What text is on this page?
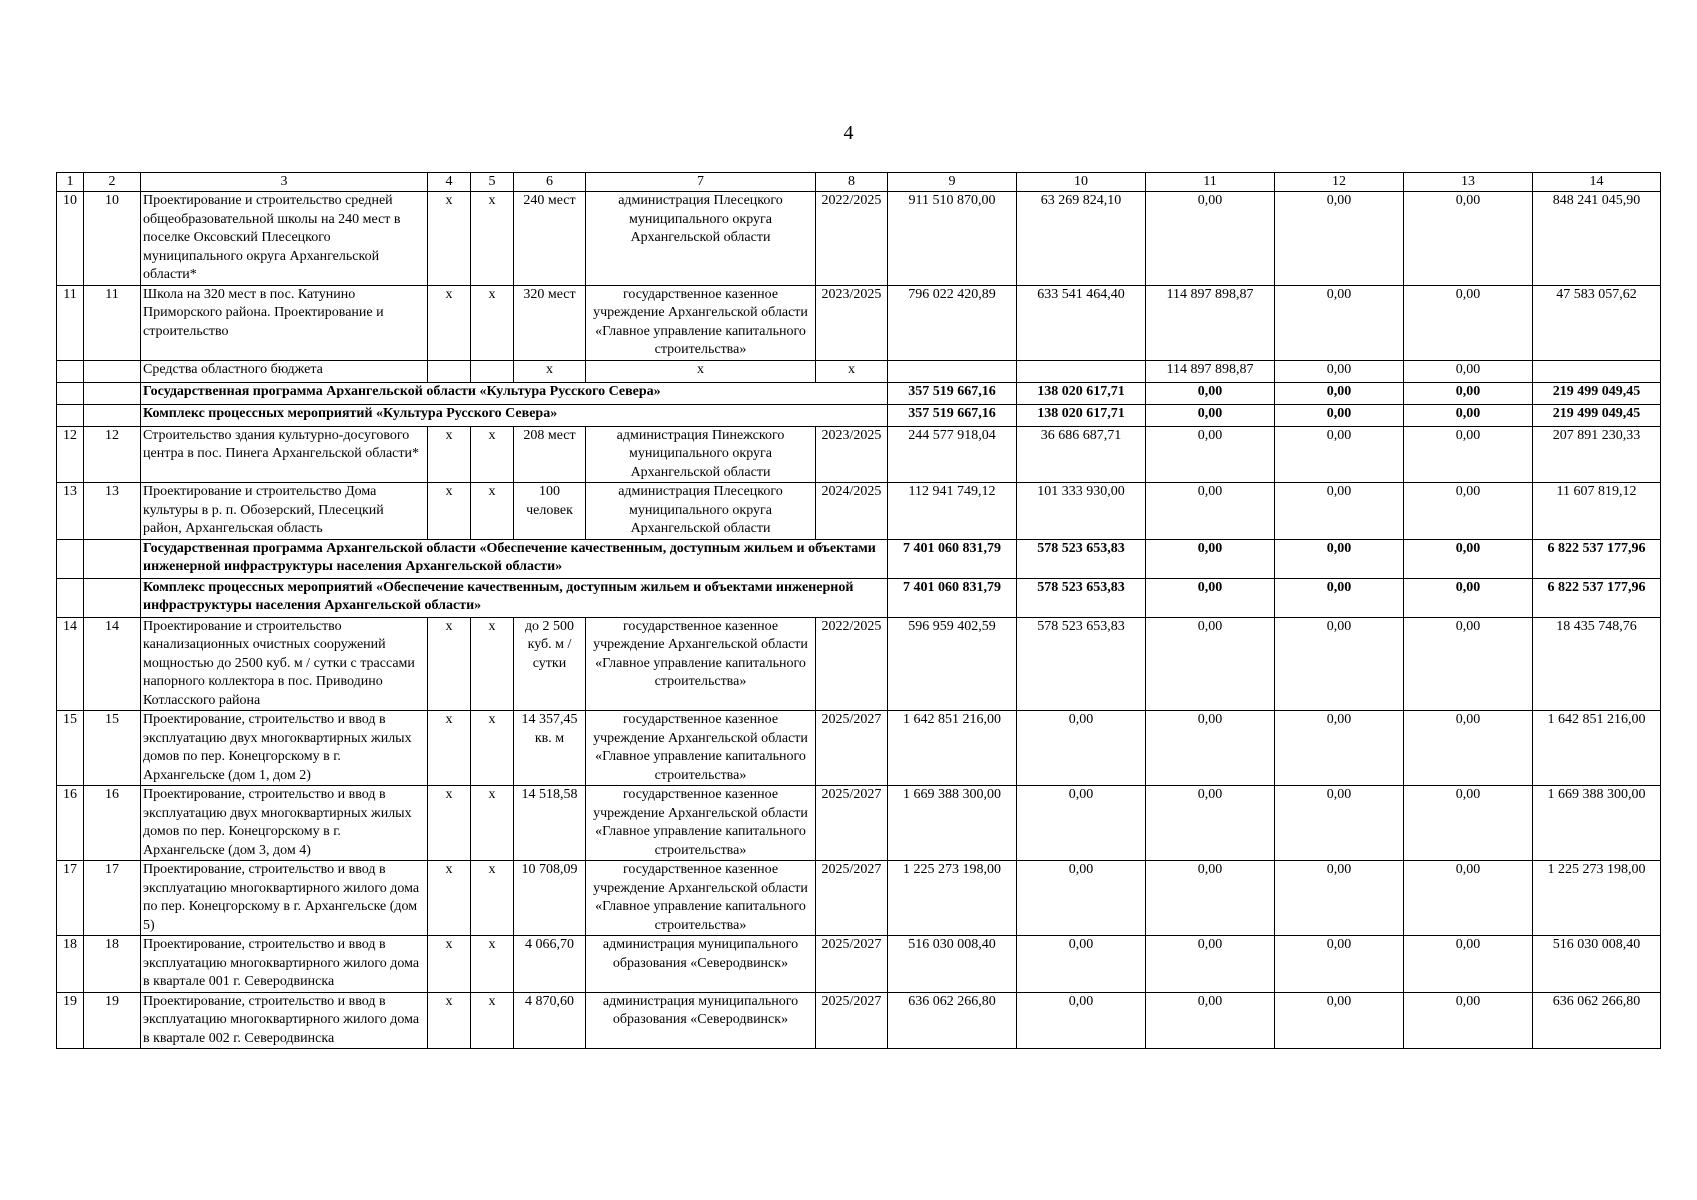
4
1	2	3	4	5	6	7	8	9	10	11	12	13	14
10	10	Проектирование и строительство средней общеобразовательной школы на 240 мест в поселке Оксовский Плесецкого муниципального округа Архангельской области*	х	х	240 мест	администрация Плесецкого муниципального округа Архангельской области	2022/2025	911 510 870,00	63 269 824,10	0,00	0,00	0,00	848 241 045,90
11	11	Школа на 320 мест в пос. Катунино Приморского района. Проектирование и строительство	х	х	320 мест	государственное казенное учреждение Архангельской области «Главное управление капитального строительства»	2023/2025	796 022 420,89	633 541 464,40	114 897 898,87	0,00	0,00	47 583 057,62
		Средства областного бюджета			х	х	х			114 897 898,87	0,00	0,00	
		Государственная программа Архангельской области «Культура Русского Севера»						357 519 667,16	138 020 617,71	0,00	0,00	0,00	219 499 049,45
		Комплекс процессных мероприятий «Культура Русского Севера»						357 519 667,16	138 020 617,71	0,00	0,00	0,00	219 499 049,45
12	12	Строительство здания культурно-досугового центра в пос. Пинега Архангельской области*	х	х	208 мест	администрация Пинежского муниципального округа Архангельской области	2023/2025	244 577 918,04	36 686 687,71	0,00	0,00	0,00	207 891 230,33
13	13	Проектирование и строительство Дома культуры в р. п. Обозерский, Плесецкий район, Архангельская область	х	х	100 человек	администрация Плесецкого муниципального округа Архангельской области	2024/2025	112 941 749,12	101 333 930,00	0,00	0,00	0,00	11 607 819,12
		Государственная программа Архангельской области «Обеспечение качественным, доступным жильем и объектами инженерной инфраструктуры населения Архангельской области»						7 401 060 831,79	578 523 653,83	0,00	0,00	0,00	6 822 537 177,96
		Комплекс процессных мероприятий «Обеспечение качественным, доступным жильем и объектами инженерной инфраструктуры населения Архангельской области»						7 401 060 831,79	578 523 653,83	0,00	0,00	0,00	6 822 537 177,96
14	14	Проектирование и строительство канализационных очистных сооружений мощностью до 2500 куб. м / сутки с трассами напорного коллектора в пос. Приводино Котласского района	х	х	до 2 500 куб. м / сутки	государственное казенное учреждение Архангельской области «Главное управление капитального строительства»	2022/2025	596 959 402,59	578 523 653,83	0,00	0,00	0,00	18 435 748,76
15	15	Проектирование, строительство и ввод в эксплуатацию двух многоквартирных жилых домов по пер. Конецгорскому в г. Архангельске (дом 1, дом 2)	х	х	14 357,45 кв. м	государственное казенное учреждение Архангельской области «Главное управление капитального строительства»	2025/2027	1 642 851 216,00	0,00	0,00	0,00	0,00	1 642 851 216,00
16	16	Проектирование, строительство и ввод в эксплуатацию двух многоквартирных жилых домов по пер. Конецгорскому в г. Архангельске (дом 3, дом 4)	х	х	14 518,58	государственное казенное учреждение Архангельской области «Главное управление капитального строительства»	2025/2027	1 669 388 300,00	0,00	0,00	0,00	0,00	1 669 388 300,00
17	17	Проектирование, строительство и ввод в эксплуатацию многоквартирного жилого дома по пер. Конецгорскому в г. Архангельске (дом 5)	х	х	10 708,09	государственное казенное учреждение Архангельской области «Главное управление капитального строительства»	2025/2027	1 225 273 198,00	0,00	0,00	0,00	0,00	1 225 273 198,00
18	18	Проектирование, строительство и ввод в эксплуатацию многоквартирного жилого дома в квартале 001 г. Северодвинска	х	х	4 066,70	администрация муниципального образования «Северодвинск»	2025/2027	516 030 008,40	0,00	0,00	0,00	0,00	516 030 008,40
19	19	Проектирование, строительство и ввод в эксплуатацию многоквартирного жилого дома в квартале 002 г. Северодвинска	х	х	4 870,60	администрация муниципального образования «Северодвинск»	2025/2027	636 062 266,80	0,00	0,00	0,00	0,00	636 062 266,80
